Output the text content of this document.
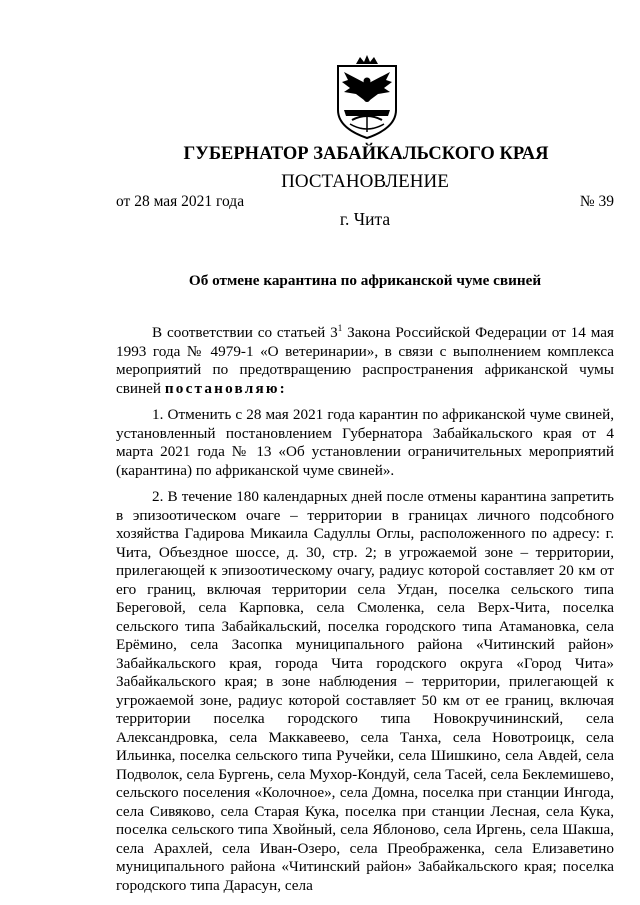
ГУБЕРНАТОР ЗАБАЙКАЛЬСКОГО КРАЯ
ПОСТАНОВЛЕНИЕ
от 28 мая 2021 года	№ 39
г. Чита
Об отмене карантина по африканской чуме свиней

В соответствии со статьей $3^1$ Закона Российской Федерации от 14 мая 1993 года № 4979-1 «О ветеринарии», в связи с выполнением комплекса мероприятий по предотвращению распространения африканской чумы свиней постановляю:

1. Отменить с 28 мая 2021 года карантин по африканской чуме свиней, установленный постановлением Губернатора Забайкальского края от 4 марта 2021 года № 13 «Об установлении ограничительных мероприятий (карантина) по африканской чуме свиней».

2. В течение 180 календарных дней после отмены карантина запретить в эпизоотическом очаге – территории в границах личного подсобного хозяйства Гадирова Микаила Садуллы Оглы, расположенного по адресу: г. Чита, Объездное шоссе, д. 30, стр. 2; в угрожаемой зоне – территории, прилегающей к эпизоотическому очагу, радиус которой составляет 20 км от его границ, включая территории села Угдан, поселка сельского типа Береговой, села Карповка, села Смоленка, села Верх-Чита, поселка сельского типа Забайкальский, поселка городского типа Атамановка, села Ерёмино, села Засопка муниципального района «Читинский район» Забайкальского края, города Чита городского округа «Город Чита» Забайкальского края; в зоне наблюдения – территории, прилегающей к угрожаемой зоне, радиус которой составляет 50 км от ее границ, включая территории поселка городского типа Новокручининский, села Александровка, села Маккавеево, села Танха, села Новотроицк, села Ильинка, поселка сельского типа Ручейки, села Шишкино, села Авдей, села Подволок, села Бургень, села Мухор-Кондуй, села Тасей, села Беклемишево, сельского поселения «Колочное», села Домна, поселка при станции Ингода, села Сивяково, села Старая Кука, поселка при станции Лесная, села Кука, поселка сельского типа Хвойный, села Яблоново, села Иргень, села Шакша, села Арахлей, села Иван-Озеро, села Преображенка, села Елизаветино муниципального района «Читинский район» Забайкальского края; поселка городского типа Дарасун, села
